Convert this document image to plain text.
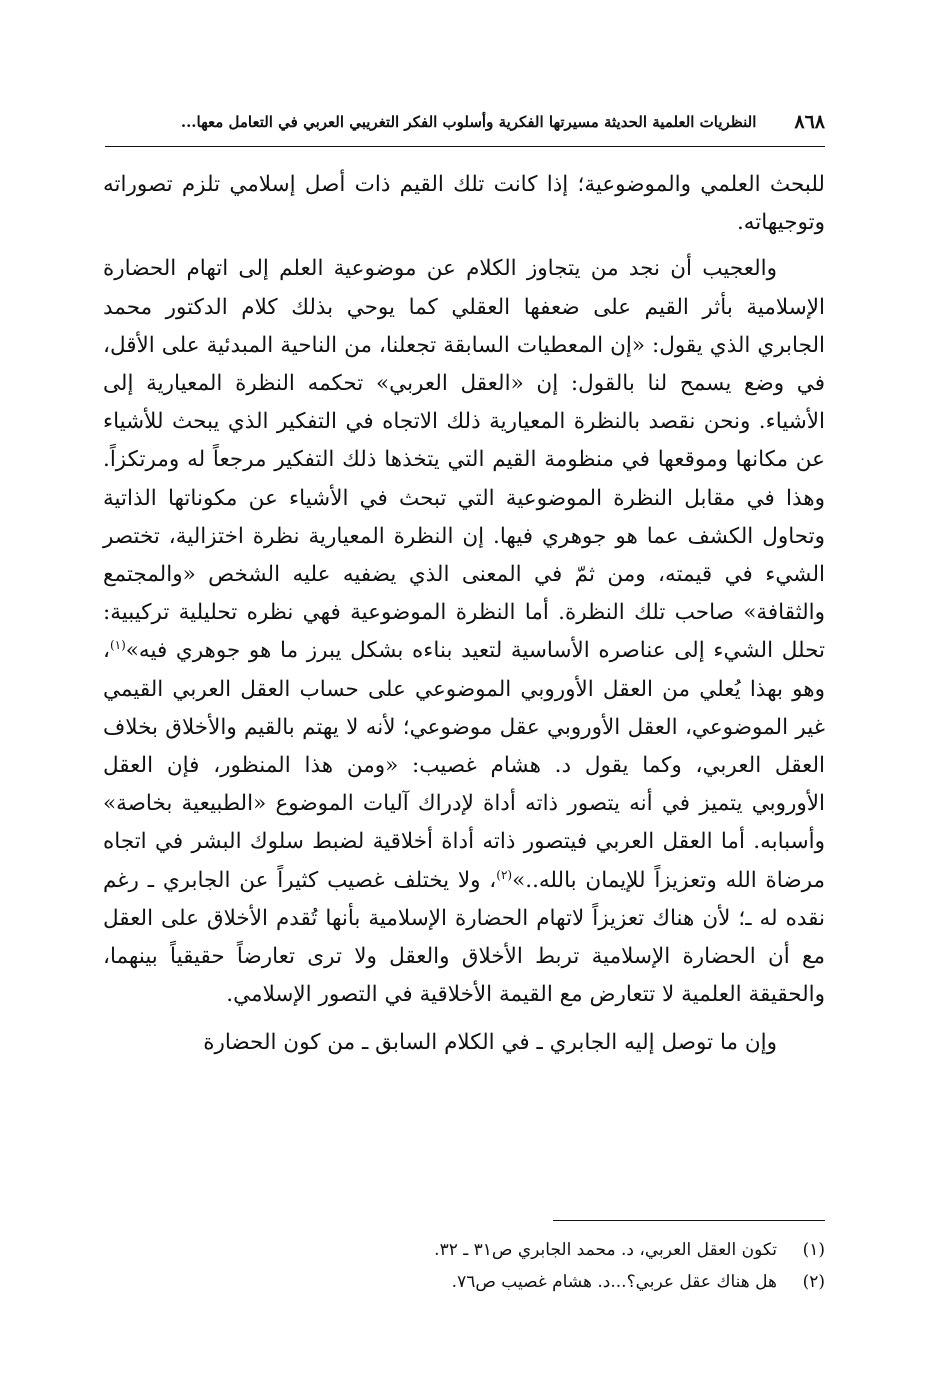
٨٦٨
النظريات العلمية الحديثة مسيرتها الفكرية وأسلوب الفكر التغريبي العربي في التعامل معها...

للبحث العلمي والموضوعية؛ إذا كانت تلك القيم ذات أصل إسلامي تلزم تصوراته وتوجيهاته.

والعجيب أن نجد من يتجاوز الكلام عن موضوعية العلم إلى اتهام الحضارة الإسلامية بأثر القيم على ضعفها العقلي كما يوحي بذلك كلام الدكتور محمد الجابري الذي يقول: «إن المعطيات السابقة تجعلنا، من الناحية المبدئية على الأقل، في وضع يسمح لنا بالقول: إن «العقل العربي» تحكمه النظرة المعيارية إلى الأشياء. ونحن نقصد بالنظرة المعيارية ذلك الاتجاه في التفكير الذي يبحث للأشياء عن مكانها وموقعها في منظومة القيم التي يتخذها ذلك التفكير مرجعاً له ومرتكزاً. وهذا في مقابل النظرة الموضوعية التي تبحث في الأشياء عن مكوناتها الذاتية وتحاول الكشف عما هو جوهري فيها. إن النظرة المعيارية نظرة اختزالية، تختصر الشيء في قيمته، ومن ثمّ في المعنى الذي يضفيه عليه الشخص «والمجتمع والثقافة» صاحب تلك النظرة. أما النظرة الموضوعية فهي نظره تحليلية تركيبية: تحلل الشيء إلى عناصره الأساسية لتعيد بناءه بشكل يبرز ما هو جوهري فيه»$^{(١)}$، وهو بهذا يُعلي من العقل الأوروبي الموضوعي على حساب العقل العربي القيمي غير الموضوعي، العقل الأوروبي عقل موضوعي؛ لأنه لا يهتم بالقيم والأخلاق بخلاف العقل العربي، وكما يقول د. هشام غصيب: «ومن هذا المنظور، فإن العقل الأوروبي يتميز في أنه يتصور ذاته أداة لإدراك آليات الموضوع «الطبيعية بخاصة» وأسبابه. أما العقل العربي فيتصور ذاته أداة أخلاقية لضبط سلوك البشر في اتجاه مرضاة الله وتعزيزاً للإيمان بالله..»$^{(٢)}$، ولا يختلف غصيب كثيراً عن الجابري ـ رغم نقده له ـ؛ لأن هناك تعزيزاً لاتهام الحضارة الإسلامية بأنها تُقدم الأخلاق على العقل مع أن الحضارة الإسلامية تربط الأخلاق والعقل ولا ترى تعارضاً حقيقياً بينهما، والحقيقة العلمية لا تتعارض مع القيمة الأخلاقية في التصور الإسلامي.

وإن ما توصل إليه الجابري ـ في الكلام السابق ـ من كون الحضارة

(١)
تكون العقل العربي، د. محمد الجابري ص٣١ ـ ٣٢.
(٢)
هل هناك عقل عربي؟...د. هشام غصيب ص٧٦.
